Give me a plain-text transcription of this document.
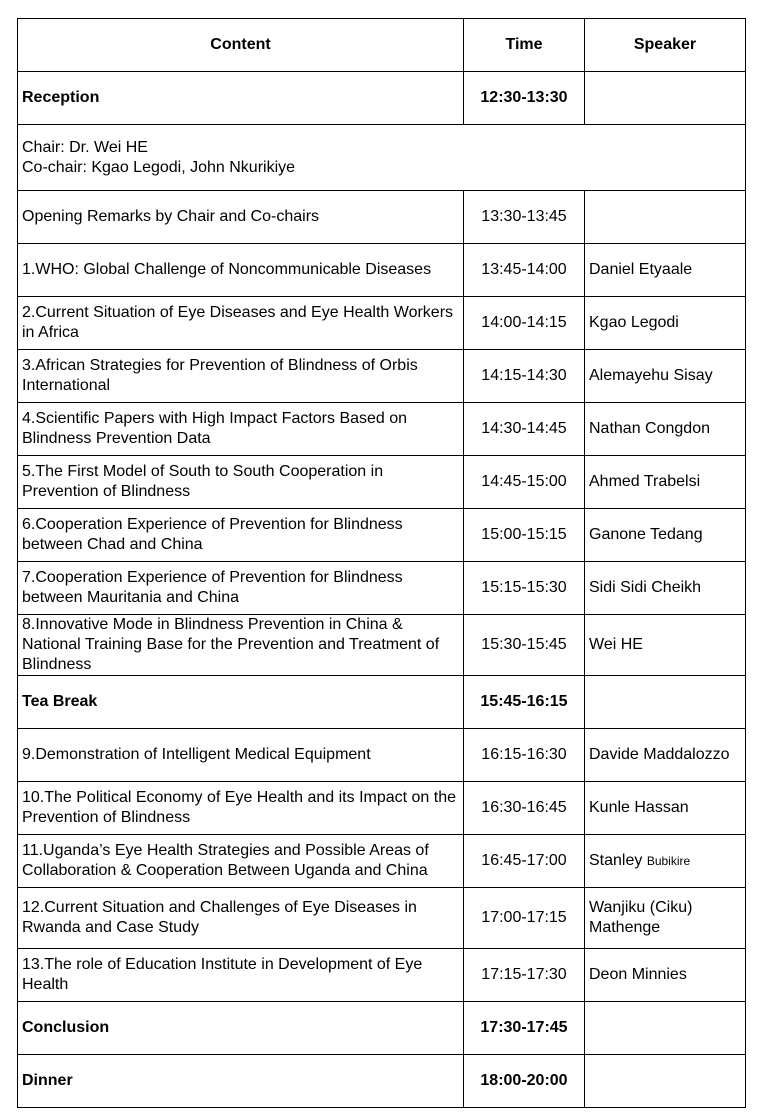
Content	Time	Speaker
Reception	12:30-13:30	

Chair: Dr. Wei HE
Co-chair: Kgao Legodi, John Nkurikiye		

Opening Remarks by Chair and Co-chairs	13:30-13:45	
1.WHO: Global Challenge of Noncommunicable Diseases	13:45-14:00	Daniel Etyaale
2.Current Situation of Eye Diseases and Eye Health Workers in Africa	14:00-14:15	Kgao Legodi
3.African Strategies for Prevention of Blindness of Orbis International	14:15-14:30	Alemayehu Sisay
4.Scientific Papers with High Impact Factors Based on Blindness Prevention Data	14:30-14:45	Nathan Congdon
5.The First Model of South to South Cooperation in Prevention of Blindness	14:45-15:00	Ahmed Trabelsi
6.Cooperation Experience of Prevention for Blindness between Chad and China	15:00-15:15	Ganone Tedang
7.Cooperation Experience of Prevention for Blindness between Mauritania and China	15:15-15:30	Sidi Sidi Cheikh
8.Innovative Mode in Blindness Prevention in China & National Training Base for the Prevention and Treatment of Blindness	15:30-15:45	Wei HE
Tea Break	15:45-16:15	
9.Demonstration of Intelligent Medical Equipment	16:15-16:30	Davide Maddalozzo
10.The Political Economy of Eye Health and its Impact on the Prevention of Blindness	16:30-16:45	Kunle Hassan
11.Uganda’s Eye Health Strategies and Possible Areas of Collaboration & Cooperation Between Uganda and China	16:45-17:00	Stanley Bubikire
12.Current Situation and Challenges of Eye Diseases in Rwanda and Case Study	17:00-17:15	Wanjiku (Ciku) Mathenge
13.The role of Education Institute in Development of Eye Health	17:15-17:30	Deon Minnies
Conclusion	17:30-17:45	
Dinner	18:00-20:00	
